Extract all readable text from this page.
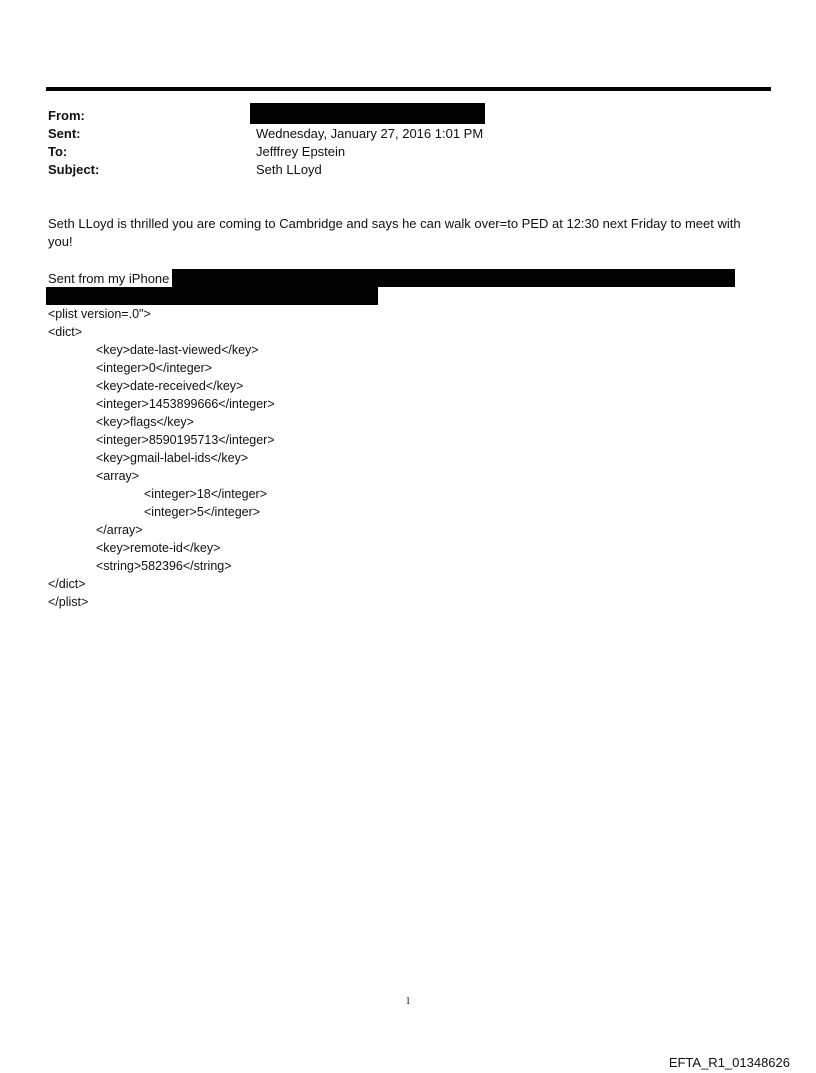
From:
Sent:	Wednesday, January 27, 2016 1:01 PM
To:	Jefffrey Epstein
Subject:	Seth LLoyd
Seth LLoyd is thrilled you are coming to Cambridge and says he can walk over=to PED at 12:30 next Friday to meet with you!
Sent from my iPhone
<plist version=.0">
<dict>
<key>date-last-viewed</key>
<integer>0</integer>
<key>date-received</key>
<integer>1453899666</integer>
<key>flags</key>
<integer>8590195713</integer>
<key>gmail-label-ids</key>
<array>
<integer>18</integer>
<integer>5</integer>
</array>
<key>remote-id</key>
<string>582396</string>
</dict>
</plist>
1
EFTA_R1_01348626
